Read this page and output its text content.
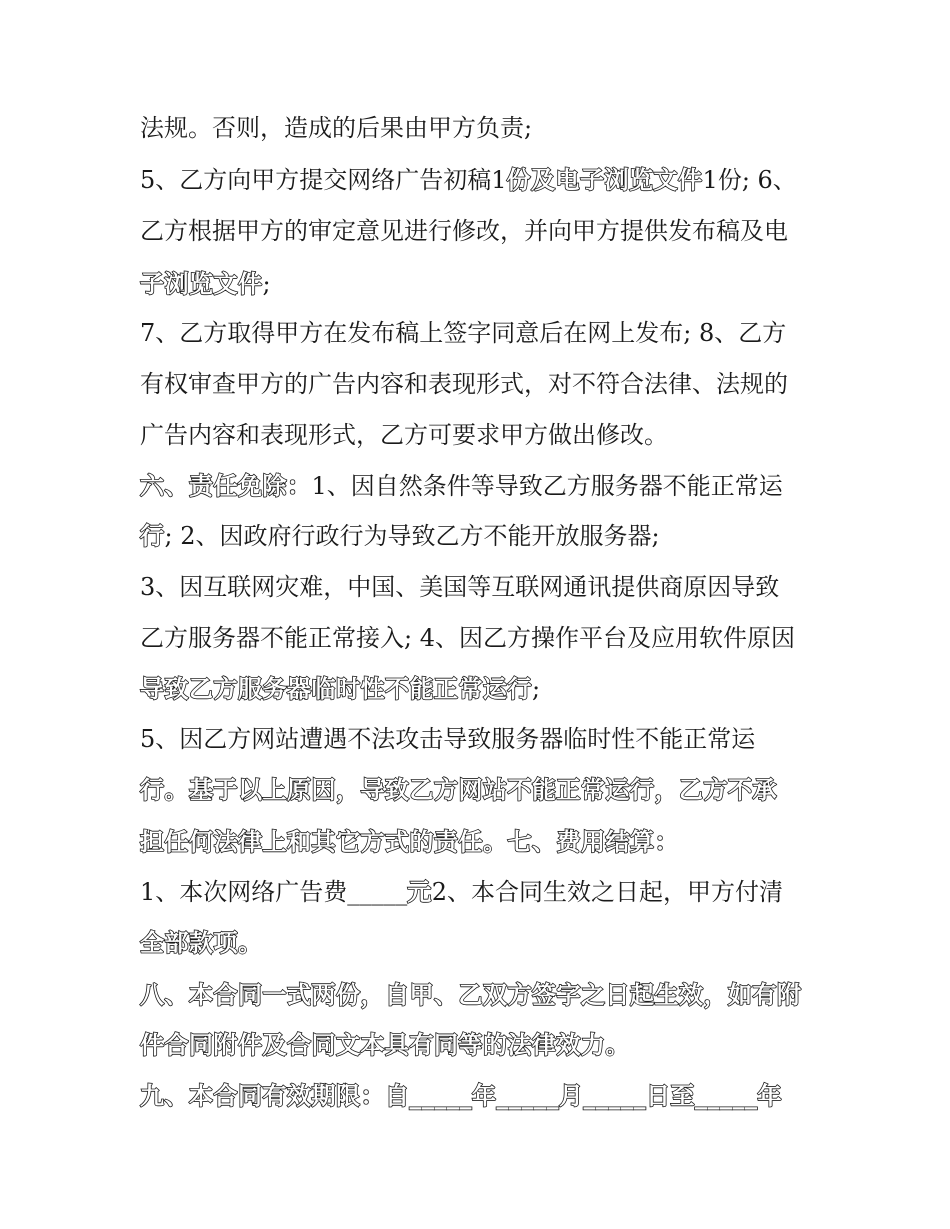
法规。否则，造成的后果由甲方负责;
5、乙方向甲方提交网络广告初稿1份及电子浏览文件1份; 6、
乙方根据甲方的审定意见进行修改，并向甲方提供发布稿及电
子浏览文件;
7、乙方取得甲方在发布稿上签字同意后在网上发布; 8、乙方
有权审查甲方的广告内容和表现形式，对不符合法律、法规的
广告内容和表现形式，乙方可要求甲方做出修改。
六、责任免除：1、因自然条件等导致乙方服务器不能正常运
行; 2、因政府行政行为导致乙方不能开放服务器;
3、因互联网灾难，中国、美国等互联网通讯提供商原因导致
乙方服务器不能正常接入; 4、因乙方操作平台及应用软件原因
导致乙方服务器临时性不能正常运行;
5、因乙方网站遭遇不法攻击导致服务器临时性不能正常运
行。基于以上原因，导致乙方网站不能正常运行，乙方不承
担任何法律上和其它方式的责任。七、费用结算：
1、本次网络广告费_____元2、本合同生效之日起，甲方付清
全部款项。
八、本合同一式两份，自甲、乙双方签字之日起生效，如有附
件合同附件及合同文本具有同等的法律效力。
九、本合同有效期限：自_____年_____月_____日至_____年
